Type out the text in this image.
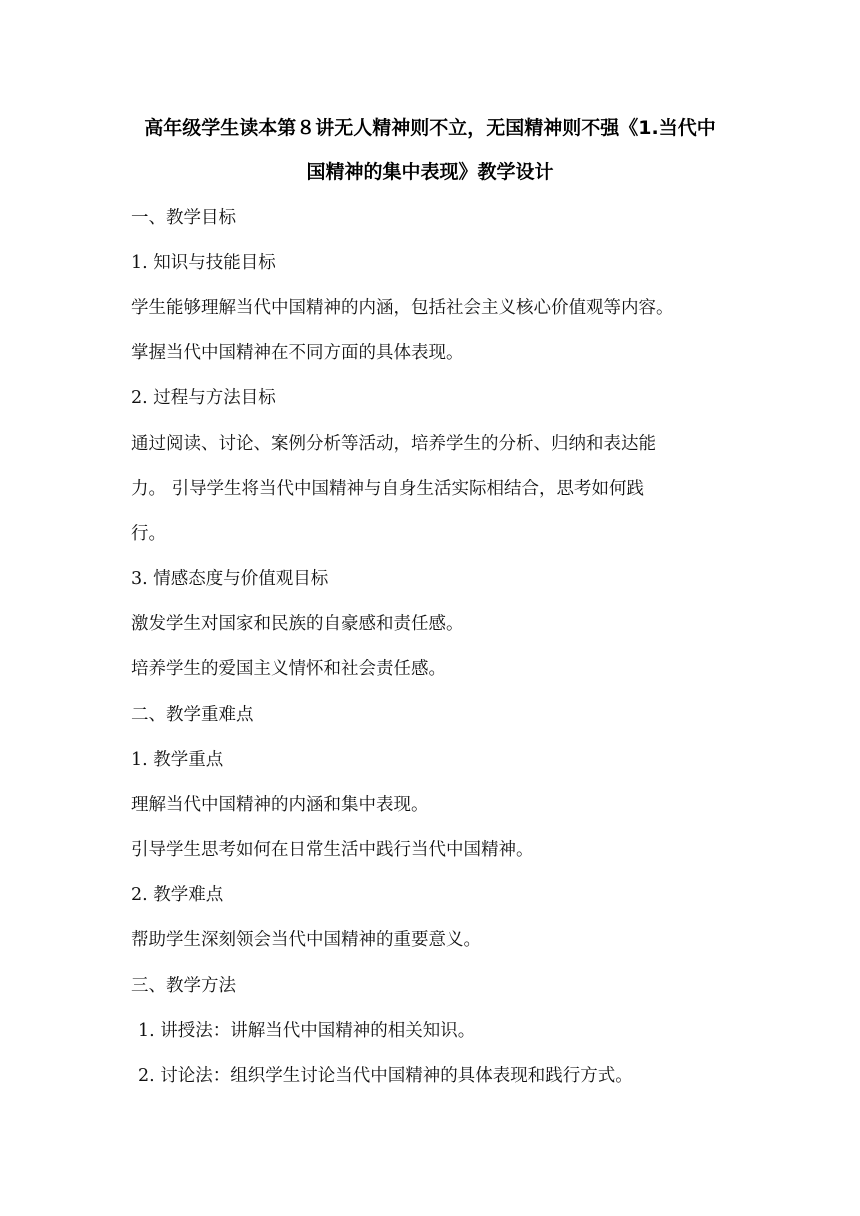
高年级学生读本第８讲无人精神则不立，无国精神则不强《1.当代中
国精神的集中表现》教学设计
一、教学目标
1. 知识与技能目标
学生能够理解当代中国精神的内涵，包括社会主义核心价值观等内容。
掌握当代中国精神在不同方面的具体表现。
2. 过程与方法目标
通过阅读、讨论、案例分析等活动，培养学生的分析、归纳和表达能
力。 引导学生将当代中国精神与自身生活实际相结合，思考如何践
行。
3. 情感态度与价值观目标
激发学生对国家和民族的自豪感和责任感。
培养学生的爱国主义情怀和社会责任感。
二、教学重难点
1. 教学重点
理解当代中国精神的内涵和集中表现。
引导学生思考如何在日常生活中践行当代中国精神。
2. 教学难点
帮助学生深刻领会当代中国精神的重要意义。
三、教学方法
1. 讲授法：讲解当代中国精神的相关知识。
2. 讨论法：组织学生讨论当代中国精神的具体表现和践行方式。
